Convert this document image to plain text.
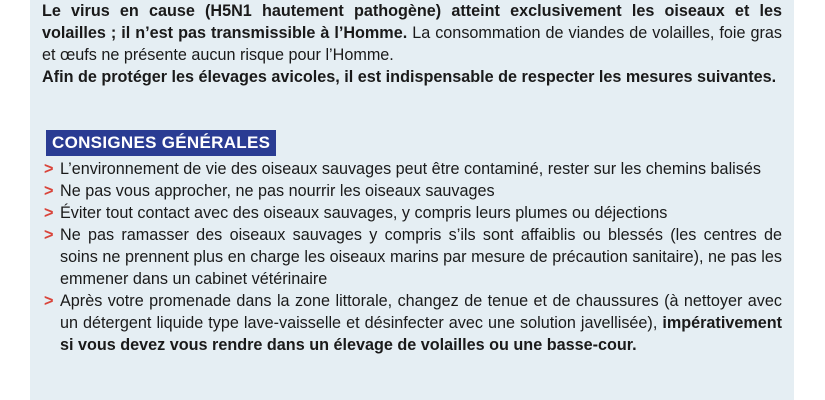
Le virus en cause (H5N1 hautement pathogène) atteint exclusivement les oiseaux et les volailles ; il n’est pas transmissible à l’Homme. La consommation de viandes de volailles, foie gras et œufs ne présente aucun risque pour l’Homme.

Afin de protéger les élevages avicoles, il est indispensable de respecter les mesures suivantes.

CONSIGNES GÉNÉRALES
> L’environnement de vie des oiseaux sauvages peut être contaminé, rester sur les chemins balisés
> Ne pas vous approcher, ne pas nourrir les oiseaux sauvages
> Éviter tout contact avec des oiseaux sauvages, y compris leurs plumes ou déjections
> Ne pas ramasser des oiseaux sauvages y compris s’ils sont affaiblis ou blessés (les centres de soins ne prennent plus en charge les oiseaux marins par mesure de précaution sanitaire), ne pas les emmener dans un cabinet vétérinaire
> Après votre promenade dans la zone littorale, changez de tenue et de chaussures (à nettoyer avec un détergent liquide type lave-vaisselle et désinfecter avec une solution javellisée), impérativement si vous devez vous rendre dans un élevage de volailles ou une basse-cour.
